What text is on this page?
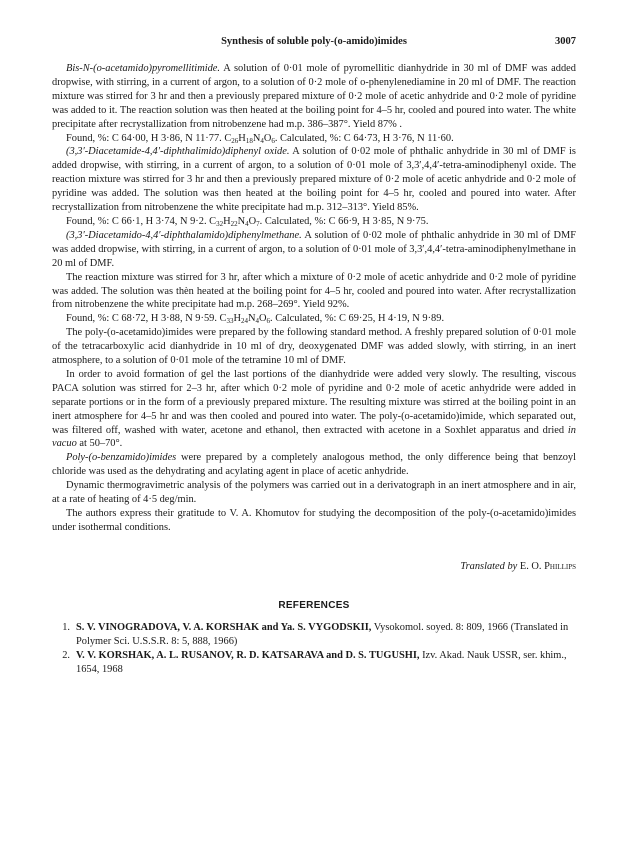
Synthesis of soluble poly-(o-amido)imides	3007

Bis-N-(o-acetamido)pyromellitimide. A solution of 0·01 mole of pyromellitic dianhydride in 30 ml of DMF was added dropwise, with stirring, in a current of argon, to a solution of 0·2 mole of o-phenylenediamine in 20 ml of DMF. The reaction mixture was stirred for 3 hr and then a previously prepared mixture of 0·2 mole of acetic anhydride and 0·2 mole of pyridine was added to it. The reaction solution was then heated at the boiling point for 4–5 hr, cooled and poured into water. The white precipitate after recrystallization from nitrobenzene had m.p. 386–387°. Yield 87% .

Found, %: C 64·00, H 3·86, N 11·77. $C_{26}H_{18}N_4O_6$. Calculated, %: C 64·73, H 3·76, N 11·60.

(3,3′-Diacetamide-4,4′-diphthalimido)diphenyl oxide. A solution of 0·02 mole of phthalic anhydride in 30 ml of DMF is added dropwise, with stirring, in a current of argon, to a solution of 0·01 mole of 3,3′,4,4′-tetra-aminodiphenyl oxide. The reaction mixture was stirred for 3 hr and then a previously prepared mixture of 0·2 mole of acetic anhydride and 0·2 mole of pyridine was added. The solution was then heated at the boiling point for 4–5 hr, cooled and poured into water. After recrystallization from nitrobenzene the white precipitate had m.p. 312–313°. Yield 85%.

Found, %: C 66·1, H 3·74, N 9·2. $C_{32}H_{22}N_4O_7$. Calculated, %: C 66·9, H 3·85, N 9·75.

(3,3′-Diacetamido-4,4′-diphthalamido)diphenylmethane. A solution of 0·02 mole of phthalic anhydride in 30 ml of DMF was added dropwise, with stirring, in a current of argon, to a solution of 0·01 mole of 3,3′,4,4′-tetra-aminodiphenylmethane in 20 ml of DMF.

The reaction mixture was stirred for 3 hr, after which a mixture of 0·2 mole of acetic anhydride and 0·2 mole of pyridine was added. The solution was thèn heated at the boiling point for 4–5 hr, cooled and poured into water. After recrystallization from nitrobenzene the white precipitate had m.p. 268–269°. Yield 92%.

Found, %: C 68·72, H 3·88, N 9·59. $C_{33}H_{24}N_4O_6$. Calculated, %: C 69·25, H 4·19, N 9·89.

The poly-(o-acetamido)imides were prepared by the following standard method. A freshly prepared solution of 0·01 mole of the tetracarboxylic acid dianhydride in 10 ml of dry, deoxygenated DMF was added slowly, with stirring, in an inert atmosphere, to a solution of 0·01 mole of the tetramine 10 ml of DMF.

In order to avoid formation of gel the last portions of the dianhydride were added very slowly. The resulting, viscous PACA solution was stirred for 2–3 hr, after which 0·2 mole of pyridine and 0·2 mole of acetic anhydride were added in separate portions or in the form of a previously prepared mixture. The resulting mixture was stirred at the boiling point in an inert atmosphere for 4–5 hr and was then cooled and poured into water. The poly-(o-acetamido)imide, which separated out, was filtered off, washed with water, acetone and ethanol, then extracted with acetone in a Soxhlet apparatus and dried in vacuo at 50–70°.

Poly-(o-benzamido)imides were prepared by a completely analogous method, the only difference being that benzoyl chloride was used as the dehydrating and acylating agent in place of acetic anhydride.

Dynamic thermogravimetric analysis of the polymers was carried out in a derivatograph in an inert atmosphere and in air, at a rate of heating of 4·5 deg/min.

The authors express their gratitude to V. A. Khomutov for studying the decomposition of the poly-(o-acetamido)imides under isothermal conditions.

Translated by E. O. Phillips
REFERENCES
1. S. V. VINOGRADOVA, V. A. KORSHAK and Ya. S. VYGODSKII, Vysokomol. soyed. 8: 809, 1966 (Translated in Polymer Sci. U.S.S.R. 8: 5, 888, 1966)
2. V. V. KORSHAK, A. L. RUSANOV, R. D. KATSARAVA and D. S. TUGUSHI, Izv. Akad. Nauk USSR, ser. khim., 1654, 1968
